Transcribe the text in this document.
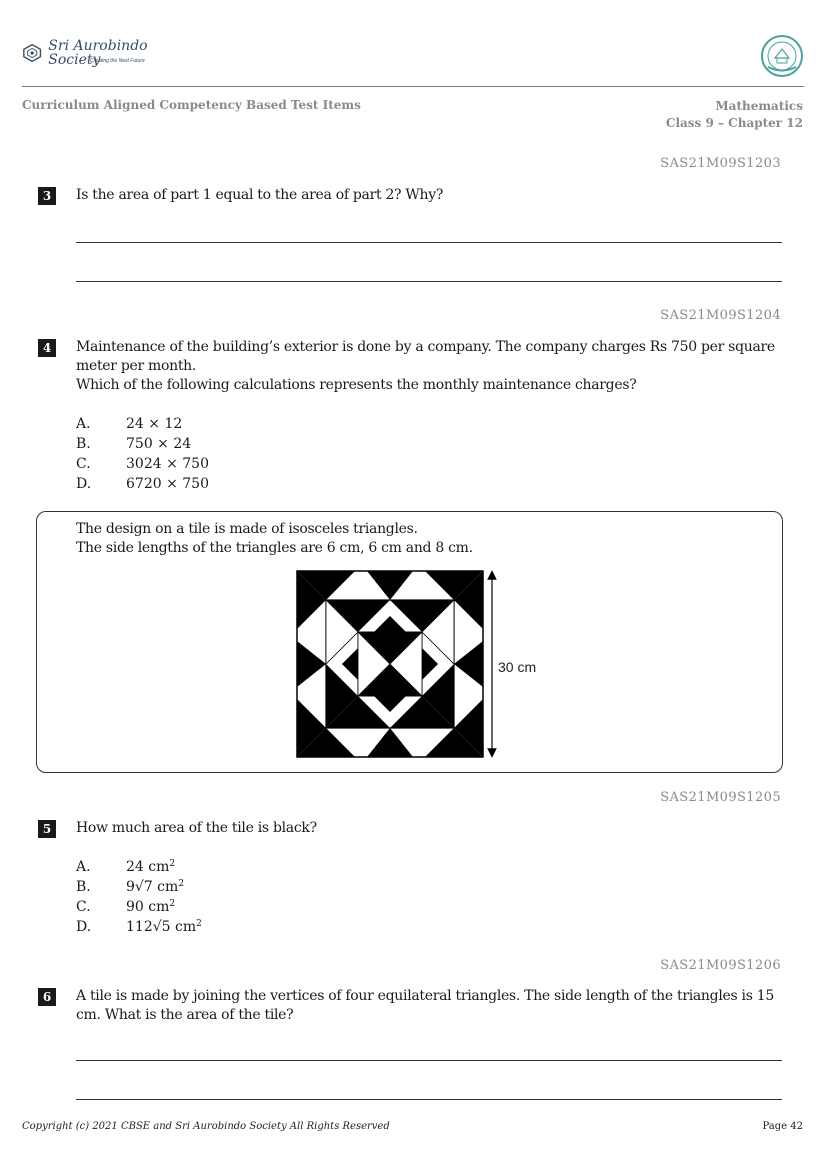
Sri Aurobindo Society
Creating the Next Future
Curriculum Aligned Competency Based Test Items	Mathematics
Class 9 – Chapter 12
SAS21M09S1203
3	Is the area of part 1 equal to the area of part 2? Why?
SAS21M09S1204
4	Maintenance of the building’s exterior is done by a company. The company charges Rs 750 per square meter per month.
Which of the following calculations represents the monthly maintenance charges?
A.	24 × 12
B.	750 × 24
C.	3024 × 750
D. 6720 × 750
The design on a tile is made of isosceles triangles.
The side lengths of the triangles are 6 cm, 6 cm and 8 cm.
30 cm
SAS21M09S1205
5	How much area of the tile is black?
A.	24 $cm^2$
B.	9√7 $cm^2$
C.	90 $cm^2$
D. 112√5 $cm^2$
SAS21M09S1206
6	A tile is made by joining the vertices of four equilateral triangles. The side length of the triangles is 15 cm. What is the area of the tile?
Copyright (c) 2021 CBSE and Sri Aurobindo Society All Rights Reserved	Page 42
